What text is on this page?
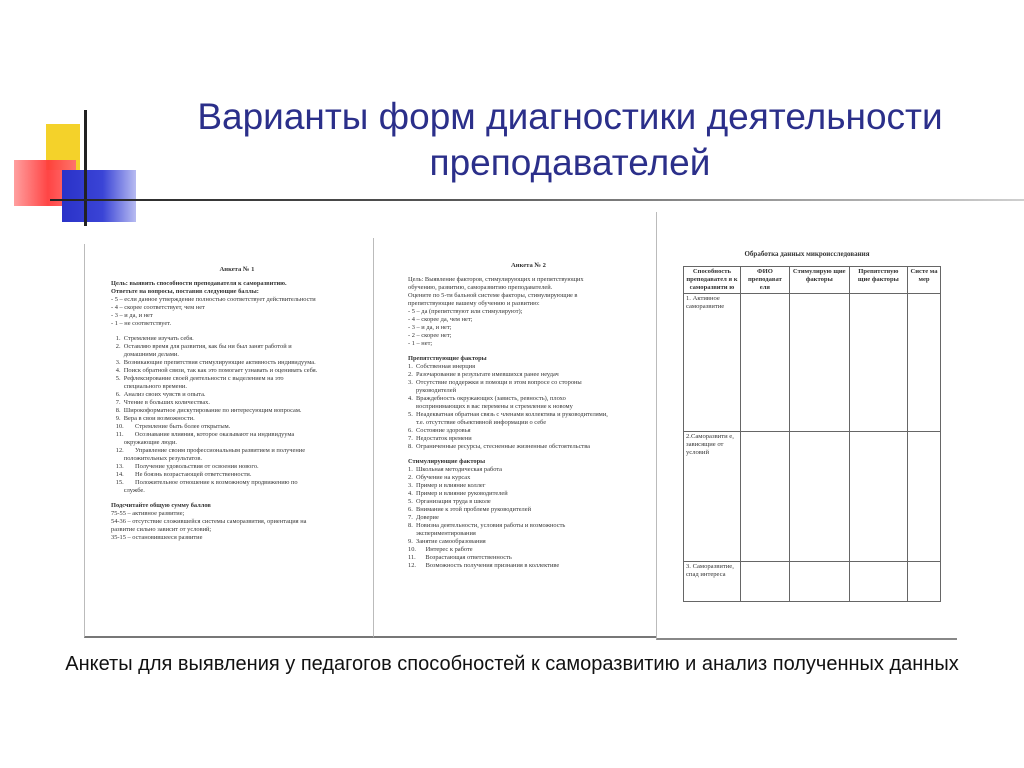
Варианты форм диагностики деятельности преподавателей
Анкета № 1
Цель: выявить способности преподавателя к саморазвитию.
Ответьте на вопросы, поставив следующие баллы:
- 5 – если данное утверждение полностью соответствует действительности
- 4 – скорее соответствует, чем нет
- 3 – и да, и нет
- 1 – не соответствует.
1.  Стремление изучать себя.
2.  Оставляю время для развития, как бы ни был занят работой и
домашними делами.
3.  Возникающие препятствия стимулирующие активность индивидуума.
4.  Поиск обратной связи, так как это помогает узнавать и оценивать себя.
5.  Рефлексирование своей деятельности с выделением на это
специального времени.
6.  Анализ своих чувств и опыта.
7.  Чтение в больших количествах.
8.  Широкоформатное дискутирование по интересующим вопросам.
9.  Вера в свои возможности.
10.       Стремление быть более открытым.
11.       Осознавание влияния, которое оказывают на индивидуума
окружающие люди.
12.       Управление своим профессиональным развитием и получение
положительных результатов.
13.       Получение удовольствия от освоения нового.
14.       Не боязнь возрастающей ответственности.
15.       Положительное отношение к возможному продвижению по
службе.
Подсчитайте общую сумму баллов
75-55 – активное развитие;
54-36 – отсутствие сложившейся системы саморазвития, ориентация на
развитие сильно зависит от условий;
35-15 – остановившееся развитие
Анкета № 2
Цель: Выявление факторов, стимулирующих и препятствующих
обучению, развитию, саморазвитию преподавателей.
Оцените по 5-ти бальной системе факторы, стимулирующие в
препятствующие вашему обучению и развитию:
- 5 – да (препятствуют или стимулируют);
- 4 – скорее да, чем нет;
- 3 – и да, и нет;
- 2 – скорее нет;
- 1 – нет;
Препятствующие факторы
1.  Собственная инерция
2.  Разочарование в результате имевшихся ранее неудач
3.  Отсутствие поддержки и помощи в этом вопросе со стороны
руководителей
4.  Враждебность окружающих (зависть, ревность), плохо
воспринимающих в вас перемены и стремление к новому
5.  Неадекватная обратная связь с членами коллектива и руководителями,
т.е. отсутствие объективной информации о себе
6.  Состояние здоровья
7.  Недостаток времени
8.  Ограниченные ресурсы, стесненные жизненные обстоятельства
Стимулирующие факторы
1.  Школьная методическая работа
2.  Обучение на курсах
3.  Пример и влияние коллег
4.  Пример и влияние руководителей
5.  Организация труда в школе
6.  Внимание к этой проблеме руководителей
7.  Доверие
8.  Новизна деятельности, условия работы и возможность
экспериментирования
9.  Занятие самообразования
10.      Интерес к работе
11.      Возрастающая ответственность
12.      Возможность получения признания в коллективе
Обработка данных микроисследования
Способность преподавател я к саморазвити ю	ФИО преподават еля	Стимулирую щие факторы	Препятствую щие факторы	Систе ма мер
1. Активное саморазвитие				
2.Саморазвити е, зависящие от условий				
3. Саморазвитие, спад интереса				
Анкеты для выявления у педагогов способностей к саморазвитию и анализ полученных данных
